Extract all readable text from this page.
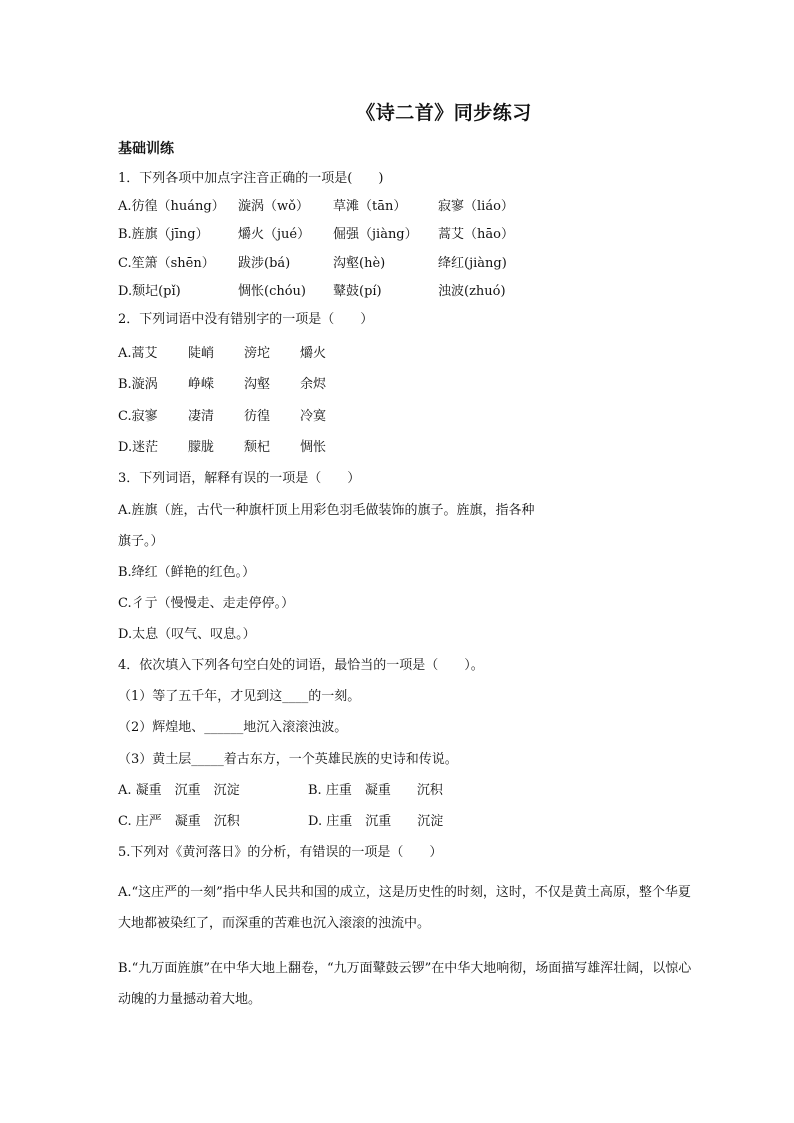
《诗二首》同步练习
基础训练
1．下列各项中加点字注音正确的一项是(　　)
A.彷徨（huáng）	漩涡（wǒ）	草滩（tān）	寂寥（liáo）
B.旌旗（jīng）	爝火（jué）	倔强（jiàng）	蒿艾（hāo）
C.笙箫（shēn）	跋涉(bá)	沟壑(hè)	绛红(jiàng)
D.颓圮(pǐ)	惆怅(chóu)	鼙鼓(pí)	浊波(zhuó)
2．下列词语中没有错别字的一项是（　　）
A.蒿艾	陡峭	滂坨	爝火
B.漩涡	峥嵘	沟壑	余烬
C.寂寥	凄清	彷徨	冷寞
D.迷茫	朦胧	颓杞	惆怅
3．下列词语，解释有误的一项是（　　）
A.旌旗（旌，古代一种旗杆顶上用彩色羽毛做装饰的旗子。旌旗，指各种
旗子。）
B.绛红（鲜艳的红色。）
C.彳亍（慢慢走、走走停停。）
D.太息（叹气、叹息。）
4．依次填入下列各句空白处的词语，最恰当的一项是（　　）。
（1）等了五千年，才见到这____的一刻。
（2）辉煌地、______地沉入滚滚浊波。
（3）黄土层_____着古东方，一个英雄民族的史诗和传说。
A. 凝重　沉重　沉淀	B. 庄重　凝重　　沉积
C. 庄严　凝重　沉积	D. 庄重　沉重　　沉淀
5.下列对《黄河落日》的分析，有错误的一项是（　　）
A.“这庄严的一刻”指中华人民共和国的成立，这是历史性的时刻，这时，不仅是黄土高原，整个华夏大地都被染红了，而深重的苦难也沉入滚滚的浊流中。
B.“九万面旌旗”在中华大地上翻卷，“九万面鼙鼓云锣”在中华大地响彻，场面描写雄浑壮阔，以惊心动魄的力量撼动着大地。
